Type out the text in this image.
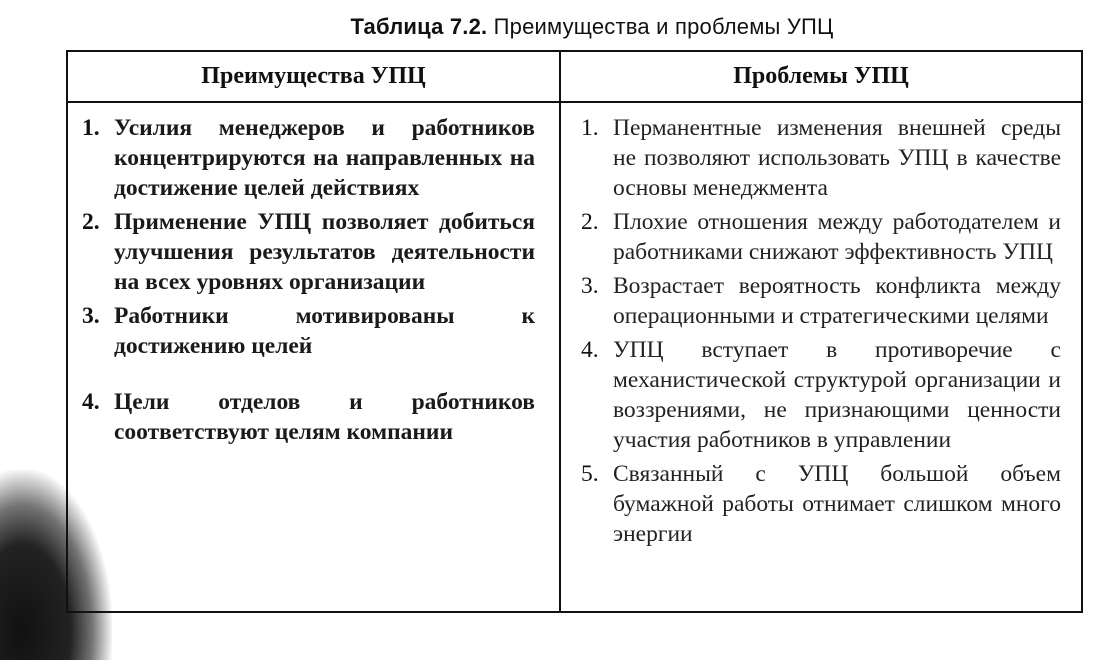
Таблица 7.2. Преимущества и проблемы УПЦ
Преимущества УПЦ	Проблемы УПЦ
1. Усилия менеджеров и работников концентрируются на направленных на достижение целей действиях
2. Применение УПЦ позволяет добиться улучшения результатов деятельности на всех уровнях организации
3. Работники мотивированы к достижению целей
4. Цели отделов и работников соответствуют целям компании
1. Перманентные изменения внешней среды не позволяют использовать УПЦ в качестве основы менеджмента
2. Плохие отношения между работодателем и работниками снижают эффективность УПЦ
3. Возрастает вероятность конфликта между операционными и стратегическими целями
4. УПЦ вступает в противоречие с механистической структурой организации и воззрениями, не признающими ценности участия работников в управлении
5. Связанный с УПЦ большой объем бумажной работы отнимает слишком много энергии
